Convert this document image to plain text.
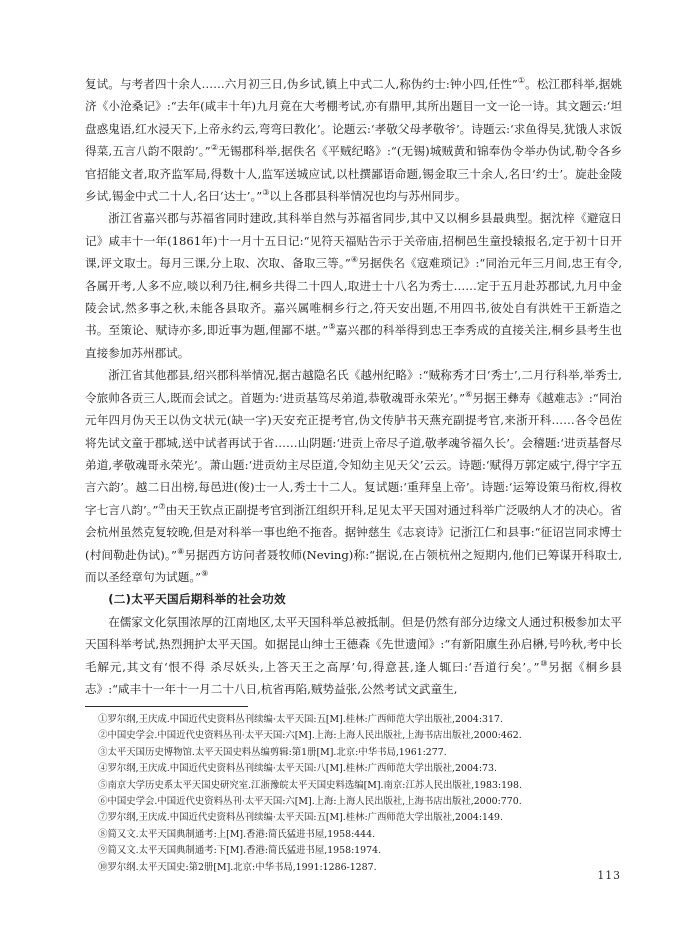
复试。与考者四十余人……六月初三日,伪乡试,镇上中式二人,称伪约士:钟小四,任性”①。松江郡科举,据姚济《小沧桑记》:“去年(咸丰十年)九月竟在大考棚考试,亦有鼎甲,其所出题目一文一论一诗。其文题云:‘坦盘惑鬼语,红水浸天下,上帝永约云,弯弯曰教化’。论题云:‘孝敬父母孝敬爷’。诗题云:‘求鱼得吴,犹饿人求饭得菜,五言八韵不限韵’。”②无锡郡科举,据佚名《平贼纪略》:“(无锡)城贼黄和锦奉伪令举办伪试,勒令各乡官招能文者,取齐监军局,得数十人,监军送城应试,以杜撰鄙语命题,锡金取三十余人,名曰‘约士’。旋赴金陵乡试,锡金中式二十人,名曰‘达士’。”③以上各郡县科举情况也均与苏州同步。

浙江省嘉兴郡与苏福省同时建政,其科举自然与苏福省同步,其中又以桐乡县最典型。据沈梓《避寇日记》咸丰十一年(1861年)十一月十五日记:“见符天福贴告示于关帝庙,招桐邑生童投辕报名,定于初十日开课,评文取士。每月三课,分上取、次取、备取三等。”④另据佚名《寇难琐记》:“同治元年三月间,忠王有令,各属开考,人多不应,啖以利乃往,桐乡共得二十四人,取进士十八名为秀士……定于五月赴苏郡试,九月中金陵会试,然多事之秋,未能各县取齐。嘉兴属唯桐乡行之,符天安出题,不用四书,彼处自有洪姓干王新造之书。至策论、赋诗亦多,即近事为题,俚鄙不堪。”⑤嘉兴郡的科举得到忠王李秀成的直接关注,桐乡县考生也直接参加苏州郡试。

浙江省其他郡县,绍兴郡科举情况,据古越隐名氏《越州纪略》:“贼称秀才曰‘秀士’,二月行科举,举秀士,令旅帅各贡三人,既而会试之。首题为:‘进贡基笃尽弟道,恭敬魂哥永荣光’。”⑥另据王彝寿《越难志》:“同治元年四月伪天王以伪文状元(缺一字)天安充正提考官,伪文传胪书天燕充副提考官,来浙开科……各令邑佐将先试文童于郡城,送中试者再试于省……山阴题:‘进贡上帝尽子道,敬孝魂爷福久长’。会稽题:‘进贡基督尽弟道,孝敬魂哥永荣光’。萧山题:‘进贡幼主尽臣道,令知幼主见天父’云云。诗题:‘赋得万郭定威宁,得宁字五言六韵’。越二日出榜,每邑进(俊)士一人,秀士十二人。复试题:‘重拜皇上帝’。诗题:‘运筹设策马衔枚,得枚字七言八韵’。”⑦由天王钦点正副提考官到浙江组织开科,足见太平天国对通过科举广泛吸纳人才的决心。省会杭州虽然克复较晚,但是对科举一事也绝不拖沓。据钟慈生《志哀诗》记浙江仁和县事:“征诏岂同求博士(村间勒赴伪试)。”⑧另据西方访问者聂牧师(Neving)称:“据说,在占领杭州之短期内,他们已筹谋开科取士,而以圣经章句为试题。”⑨

(二)太平天国后期科举的社会功效

在儒家文化氛围浓厚的江南地区,太平天国科举总被抵制。但是仍然有部分边缘文人通过积极参加太平天国科举考试,热烈拥护太平天国。如据昆山绅士王德森《先世遗闻》:“有新阳廪生孙启楙,号吟秋,考中长毛解元,其文有‘恨不得 杀尽妖头,上答天王之高厚’句,得意甚,逢人辄曰:‘吾道行矣’。”⑩另据《桐乡县志》:“咸丰十一年十一月二十八日,杭省再陷,贼势益张,公然考试文武童生,

①罗尔纲,王庆成.中国近代史资料丛刊续编·太平天国:五[M].桂林:广西师范大学出版社,2004:317.

②中国史学会.中国近代史资料丛刊·太平天国:六[M].上海:上海人民出版社,上海书店出版社,2000:462.

③太平天国历史博物馆.太平天国史料丛编剪辑:第1册[M].北京:中华书局,1961:277.

④罗尔纲,王庆成.中国近代史资料丛刊续编·太平天国:八[M].桂林:广西师范大学出版社,2004:73.

⑤南京大学历史系太平天国史研究室.江浙豫皖太平天国史料选编[M].南京:江苏人民出版社,1983:198.

⑥中国史学会.中国近代史资料丛刊·太平天国:六[M].上海:上海人民出版社,上海书店出版社,2000:770.

⑦罗尔纲,王庆成.中国近代史资料丛刊续编·太平天国:五[M].桂林:广西师范大学出版社,2004:149.

⑧简又文.太平天国典制通考:上[M].香港:简氏猛进书屋,1958:444.

⑨简又文.太平天国典制通考:下[M].香港:简氏猛进书屋,1958:1974.

⑩罗尔纲.太平天国史:第2册[M].北京:中华书局,1991:1286-1287.

113
